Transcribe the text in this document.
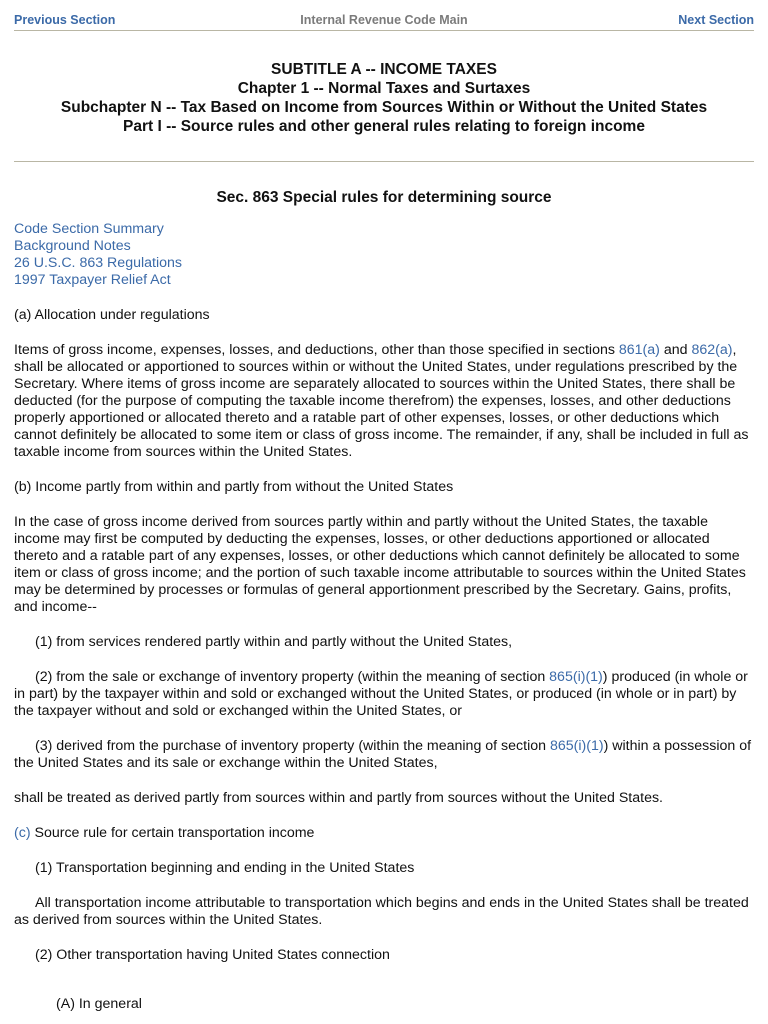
Previous Section	Internal Revenue Code Main	Next Section
SUBTITLE A -- INCOME TAXES
Chapter 1 -- Normal Taxes and Surtaxes
Subchapter N -- Tax Based on Income from Sources Within or Without the United States
Part I -- Source rules and other general rules relating to foreign income
Sec. 863 Special rules for determining source
Code Section Summary
Background Notes
26 U.S.C. 863 Regulations
1997 Taxpayer Relief Act

(a) Allocation under regulations

Items of gross income, expenses, losses, and deductions, other than those specified in sections 861(a) and 862(a), shall be allocated or apportioned to sources within or without the United States, under regulations prescribed by the Secretary. Where items of gross income are separately allocated to sources within the United States, there shall be deducted (for the purpose of computing the taxable income therefrom) the expenses, losses, and other deductions properly apportioned or allocated thereto and a ratable part of other expenses, losses, or other deductions which cannot definitely be allocated to some item or class of gross income. The remainder, if any, shall be included in full as taxable income from sources within the United States.

(b) Income partly from within and partly from without the United States

In the case of gross income derived from sources partly within and partly without the United States, the taxable income may first be computed by deducting the expenses, losses, or other deductions apportioned or allocated thereto and a ratable part of any expenses, losses, or other deductions which cannot definitely be allocated to some item or class of gross income; and the portion of such taxable income attributable to sources within the United States may be determined by processes or formulas of general apportionment prescribed by the Secretary. Gains, profits, and income--

(1) from services rendered partly within and partly without the United States,

(2) from the sale or exchange of inventory property (within the meaning of section 865(i)(1)) produced (in whole or in part) by the taxpayer within and sold or exchanged without the United States, or produced (in whole or in part) by the taxpayer without and sold or exchanged within the United States, or

(3) derived from the purchase of inventory property (within the meaning of section 865(i)(1)) within a possession of the United States and its sale or exchange within the United States,

shall be treated as derived partly from sources within and partly from sources without the United States.

(c) Source rule for certain transportation income

(1) Transportation beginning and ending in the United States

All transportation income attributable to transportation which begins and ends in the United States shall be treated as derived from sources within the United States.

(2) Other transportation having United States connection

(A) In general
